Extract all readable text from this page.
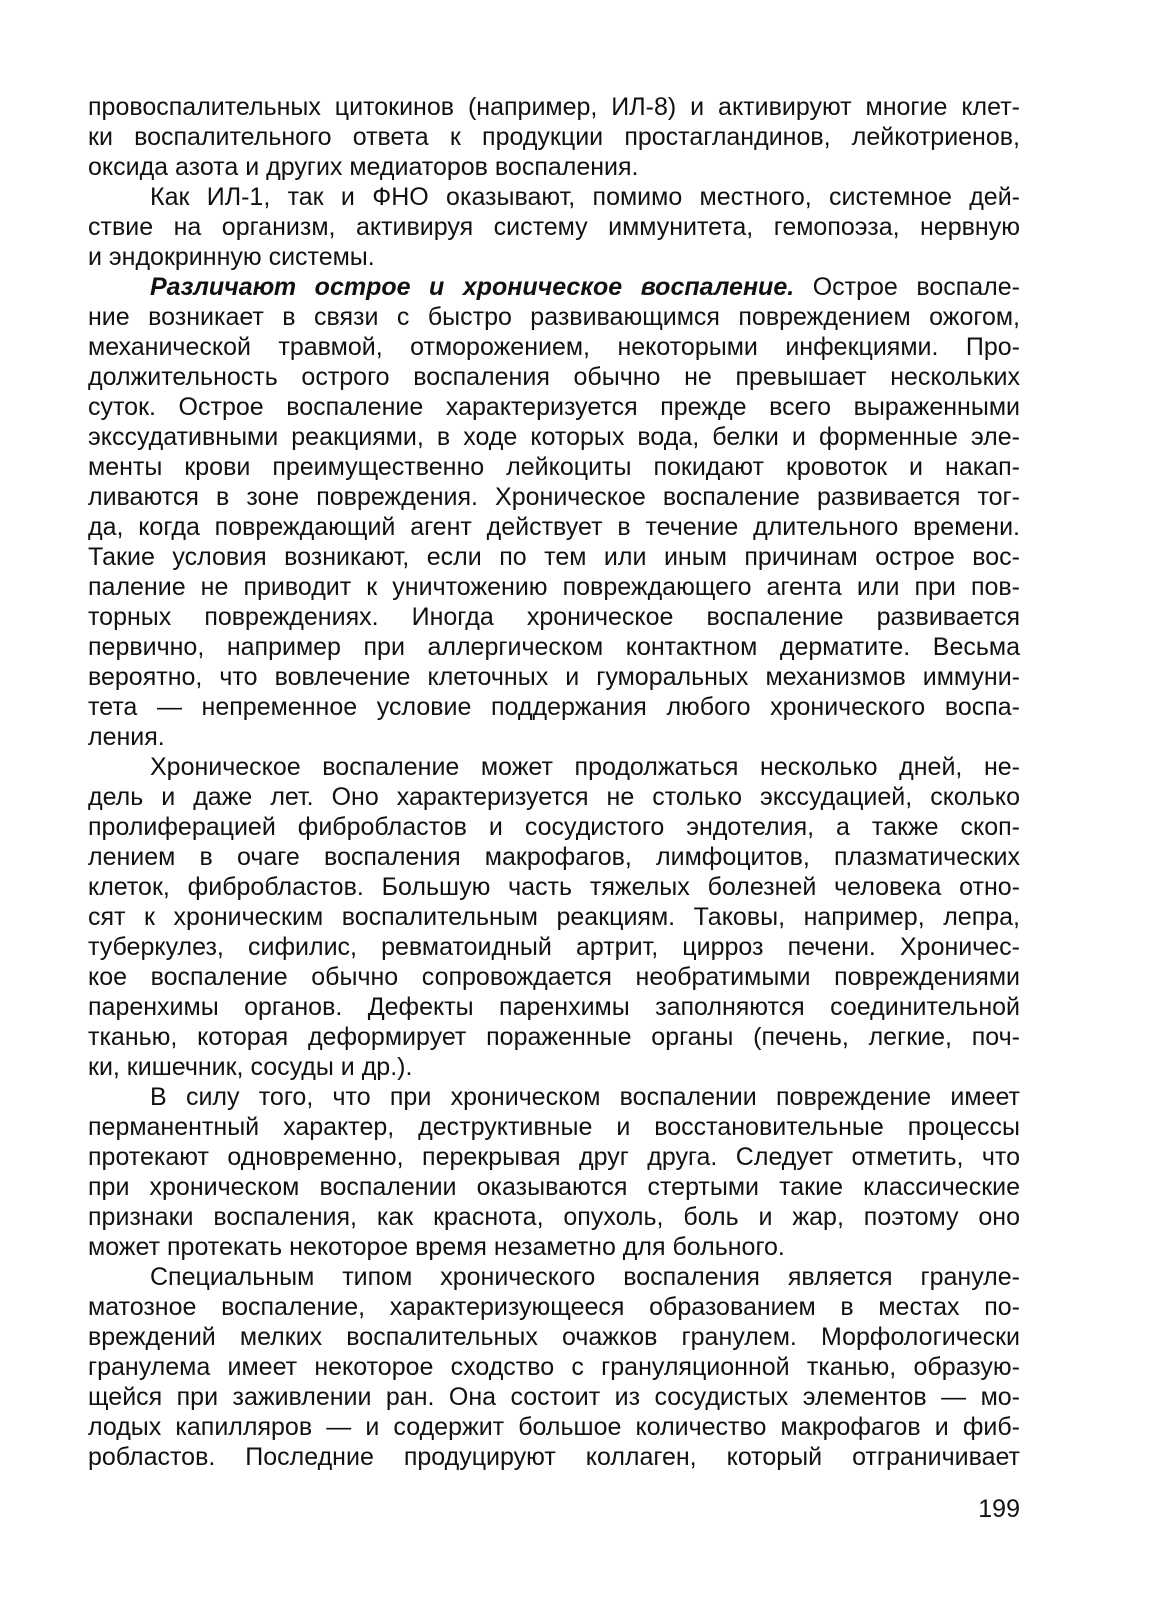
провоспалительных цитокинов (например, ИЛ-8) и активируют многие клет-
ки воспалительного ответа к продукции простагландинов, лейкотриенов,
оксида азота и других медиаторов воспаления.
Как ИЛ-1, так и ФНО оказывают, помимо местного, системное дей-
ствие на организм, активируя систему иммунитета, гемопоэза, нервную
и эндокринную системы.
Различают острое и хроническое воспаление. Острое воспале-
ние возникает в связи с быстро развивающимся повреждением ожогом,
механической травмой, отморожением, некоторыми инфекциями. Про-
должительность острого воспаления обычно не превышает нескольких
суток. Острое воспаление характеризуется прежде всего выраженными
экссудативными реакциями, в ходе которых вода, белки и форменные эле-
менты крови преимущественно лейкоциты покидают кровоток и накап-
ливаются в зоне повреждения. Хроническое воспаление развивается тог-
да, когда повреждающий агент действует в течение длительного времени.
Такие условия возникают, если по тем или иным причинам острое вос-
паление не приводит к уничтожению повреждающего агента или при пов-
торных повреждениях. Иногда хроническое воспаление развивается
первично, например при аллергическом контактном дерматите. Весьма
вероятно, что вовлечение клеточных и гуморальных механизмов иммуни-
тета — непременное условие поддержания любого хронического воспа-
ления.
Хроническое воспаление может продолжаться несколько дней, не-
дель и даже лет. Оно характеризуется не столько экссудацией, сколько
пролиферацией фибробластов и сосудистого эндотелия, а также скоп-
лением в очаге воспаления макрофагов, лимфоцитов, плазматических
клеток, фибробластов. Большую часть тяжелых болезней человека отно-
сят к хроническим воспалительным реакциям. Таковы, например, лепра,
туберкулез, сифилис, ревматоидный артрит, цирроз печени. Хроничес-
кое воспаление обычно сопровождается необратимыми повреждениями
паренхимы органов. Дефекты паренхимы заполняются соединительной
тканью, которая деформирует пораженные органы (печень, легкие, поч-
ки, кишечник, сосуды и др.).
В силу того, что при хроническом воспалении повреждение имеет
перманентный характер, деструктивные и восстановительные процессы
протекают одновременно, перекрывая друг друга. Следует отметить, что
при хроническом воспалении оказываются стертыми такие классические
признаки воспаления, как краснота, опухоль, боль и жар, поэтому оно
может протекать некоторое время незаметно для больного.
Специальным типом хронического воспаления является грануле-
матозное воспаление, характеризующееся образованием в местах по-
вреждений мелких воспалительных очажков гранулем. Морфологически
гранулема имеет некоторое сходство с грануляционной тканью, образую-
щейся при заживлении ран. Она состоит из сосудистых элементов — мо-
лодых капилляров — и содержит большое количество макрофагов и фиб-
робластов. Последние продуцируют коллаген, который отграничивает
199
